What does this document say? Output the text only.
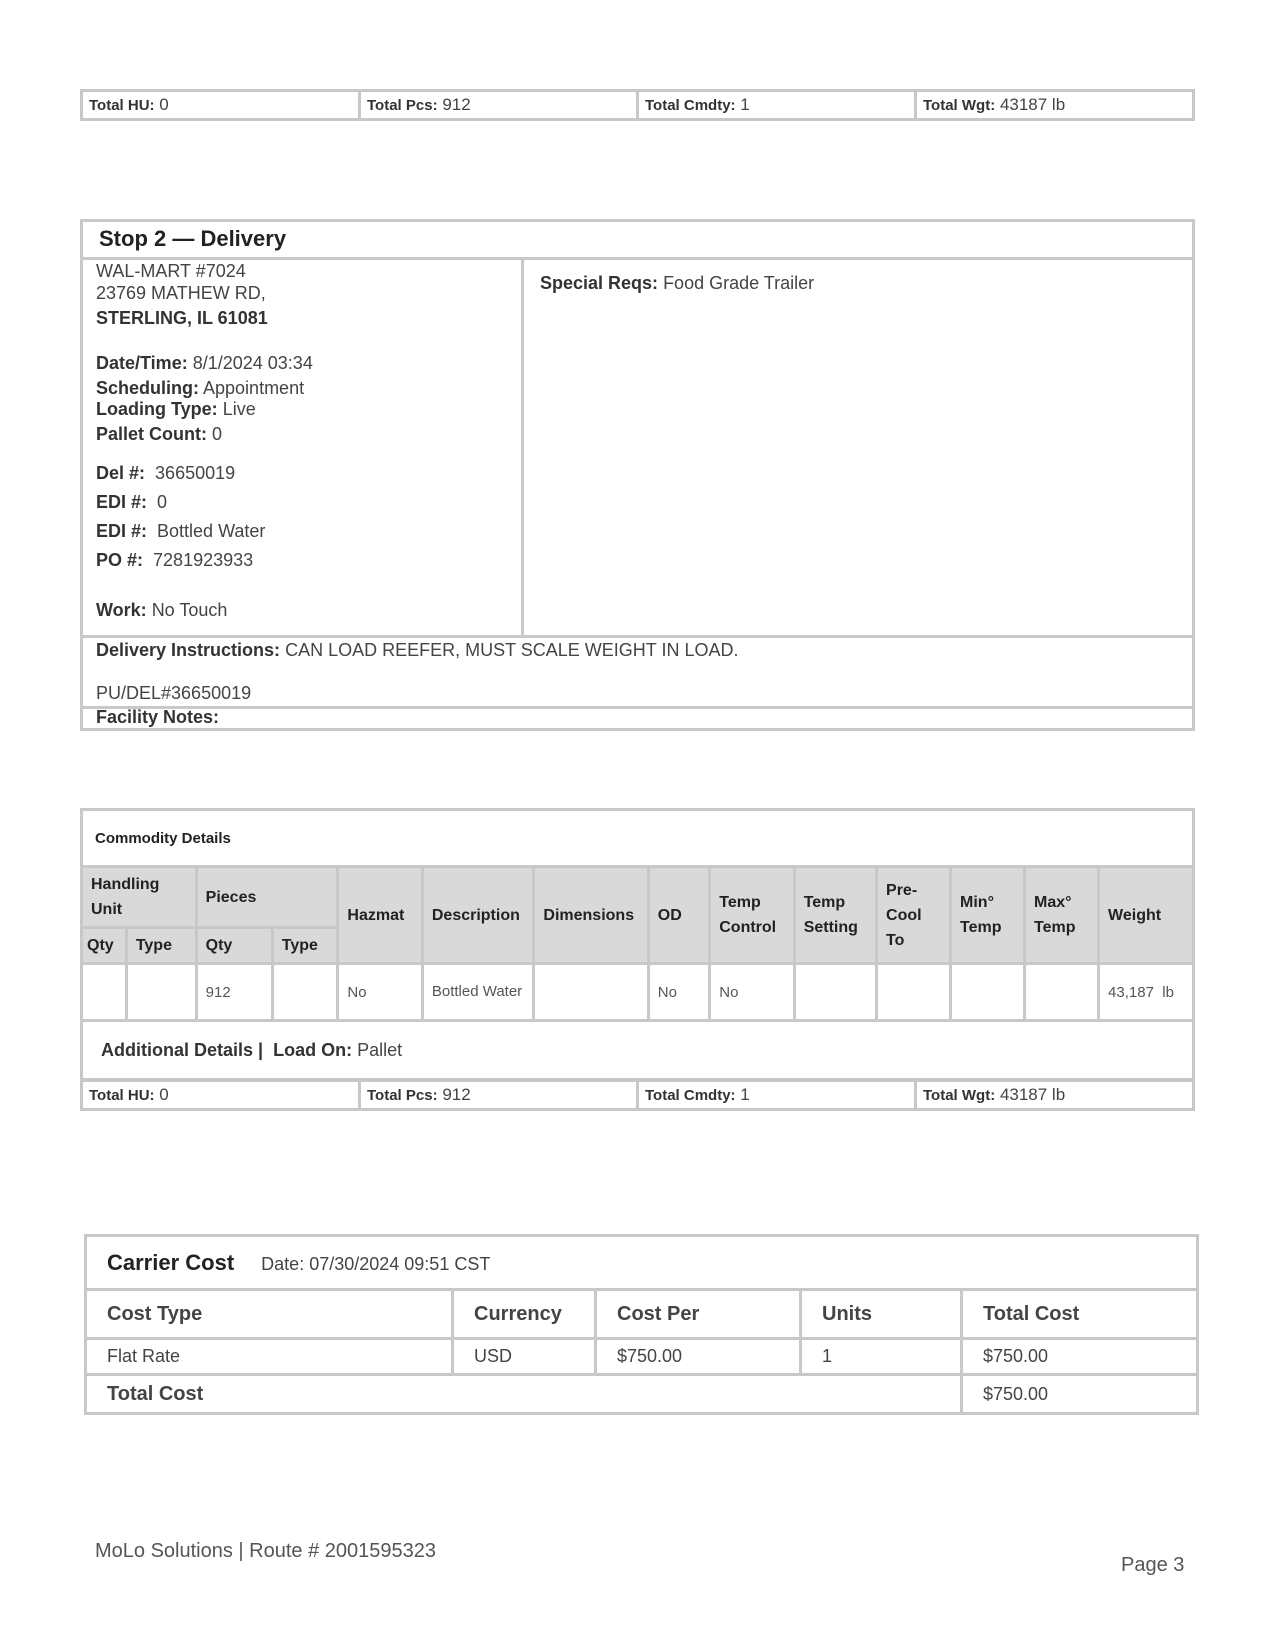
Total HU: 0	Total Pcs: 912	Total Cmdty: 1	Total Wgt: 43187 lb
Stop 2 — Delivery
WAL-MART #7024
23769 MATHEW RD,
STERLING, IL 61081
Date/Time: 8/1/2024 03:34
Scheduling: Appointment
Loading Type: Live
Pallet Count: 0
Del #: 36650019
EDI #: 0
EDI #: Bottled Water
PO #: 7281923933
Work: No Touch
Special Reqs: Food Grade Trailer
Delivery Instructions: CAN LOAD REEFER, MUST SCALE WEIGHT IN LOAD.
PU/DEL#36650019
Facility Notes:
Commodity Details													
Handling Unit		Pieces		Hazmat	Description	Dimensions	OD	Temp Control	Temp Setting	Pre-Cool To	Min° Temp	Max° Temp	Weight
Qty	Type	Qty	Type										
		912		No	Bottled Water		No	No					43,187  lb
Additional Details | Load On: Pallet													
Total HU: 0	Total Pcs: 912	Total Cmdty: 1	Total Wgt: 43187 lb
Carrier Cost Date: 07/30/2024 09:51 CST				
Cost Type	Currency	Cost Per	Units	Total Cost
Flat Rate	USD	$750.00	1	$750.00
Total Cost				$750.00
MoLo Solutions | Route # 2001595323
Page 3
